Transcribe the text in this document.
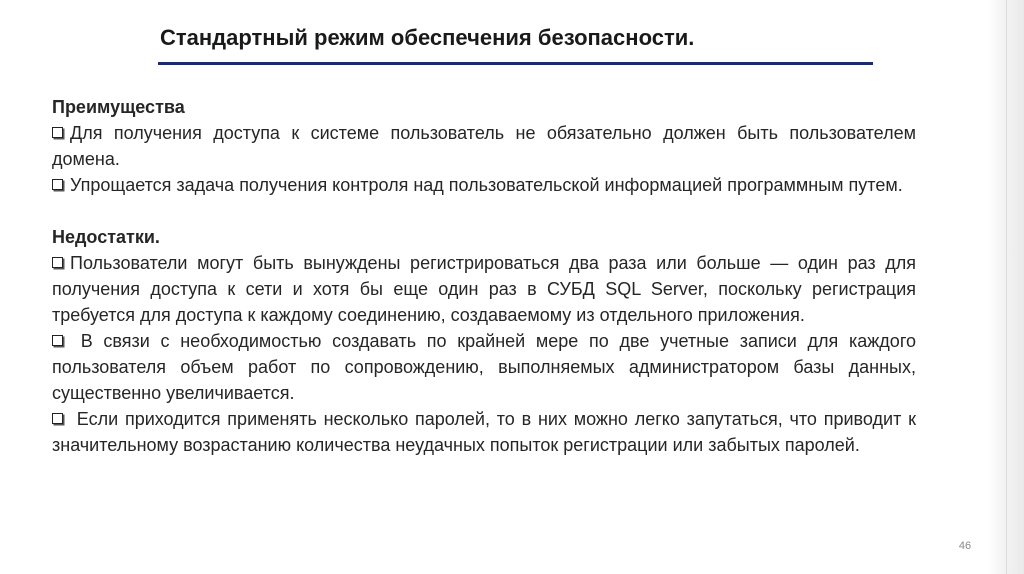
Стандартный режим обеспечения безопасности.

Преимущества

Для получения доступа к системе пользователь не обязательно должен быть пользователем домена.

Упрощается задача получения контроля над пользовательской информацией программным путем.

Недостатки.

Пользователи могут быть вынуждены регистрироваться два раза или больше — один раз для получения доступа к сети и хотя бы еще один раз в СУБД SQL Server, поскольку регистрация требуется для доступа к каждому соединению, создаваемому из отдельного приложения.

В связи с необходимостью создавать по крайней мере по две учетные записи для каждого пользователя объем работ по сопровождению, выполняемых администратором базы данных, существенно увеличивается.

Если приходится применять несколько паролей, то в них можно легко запутаться, что приводит к значительному возрастанию количества неудачных попыток регистрации или забытых паролей.

46
